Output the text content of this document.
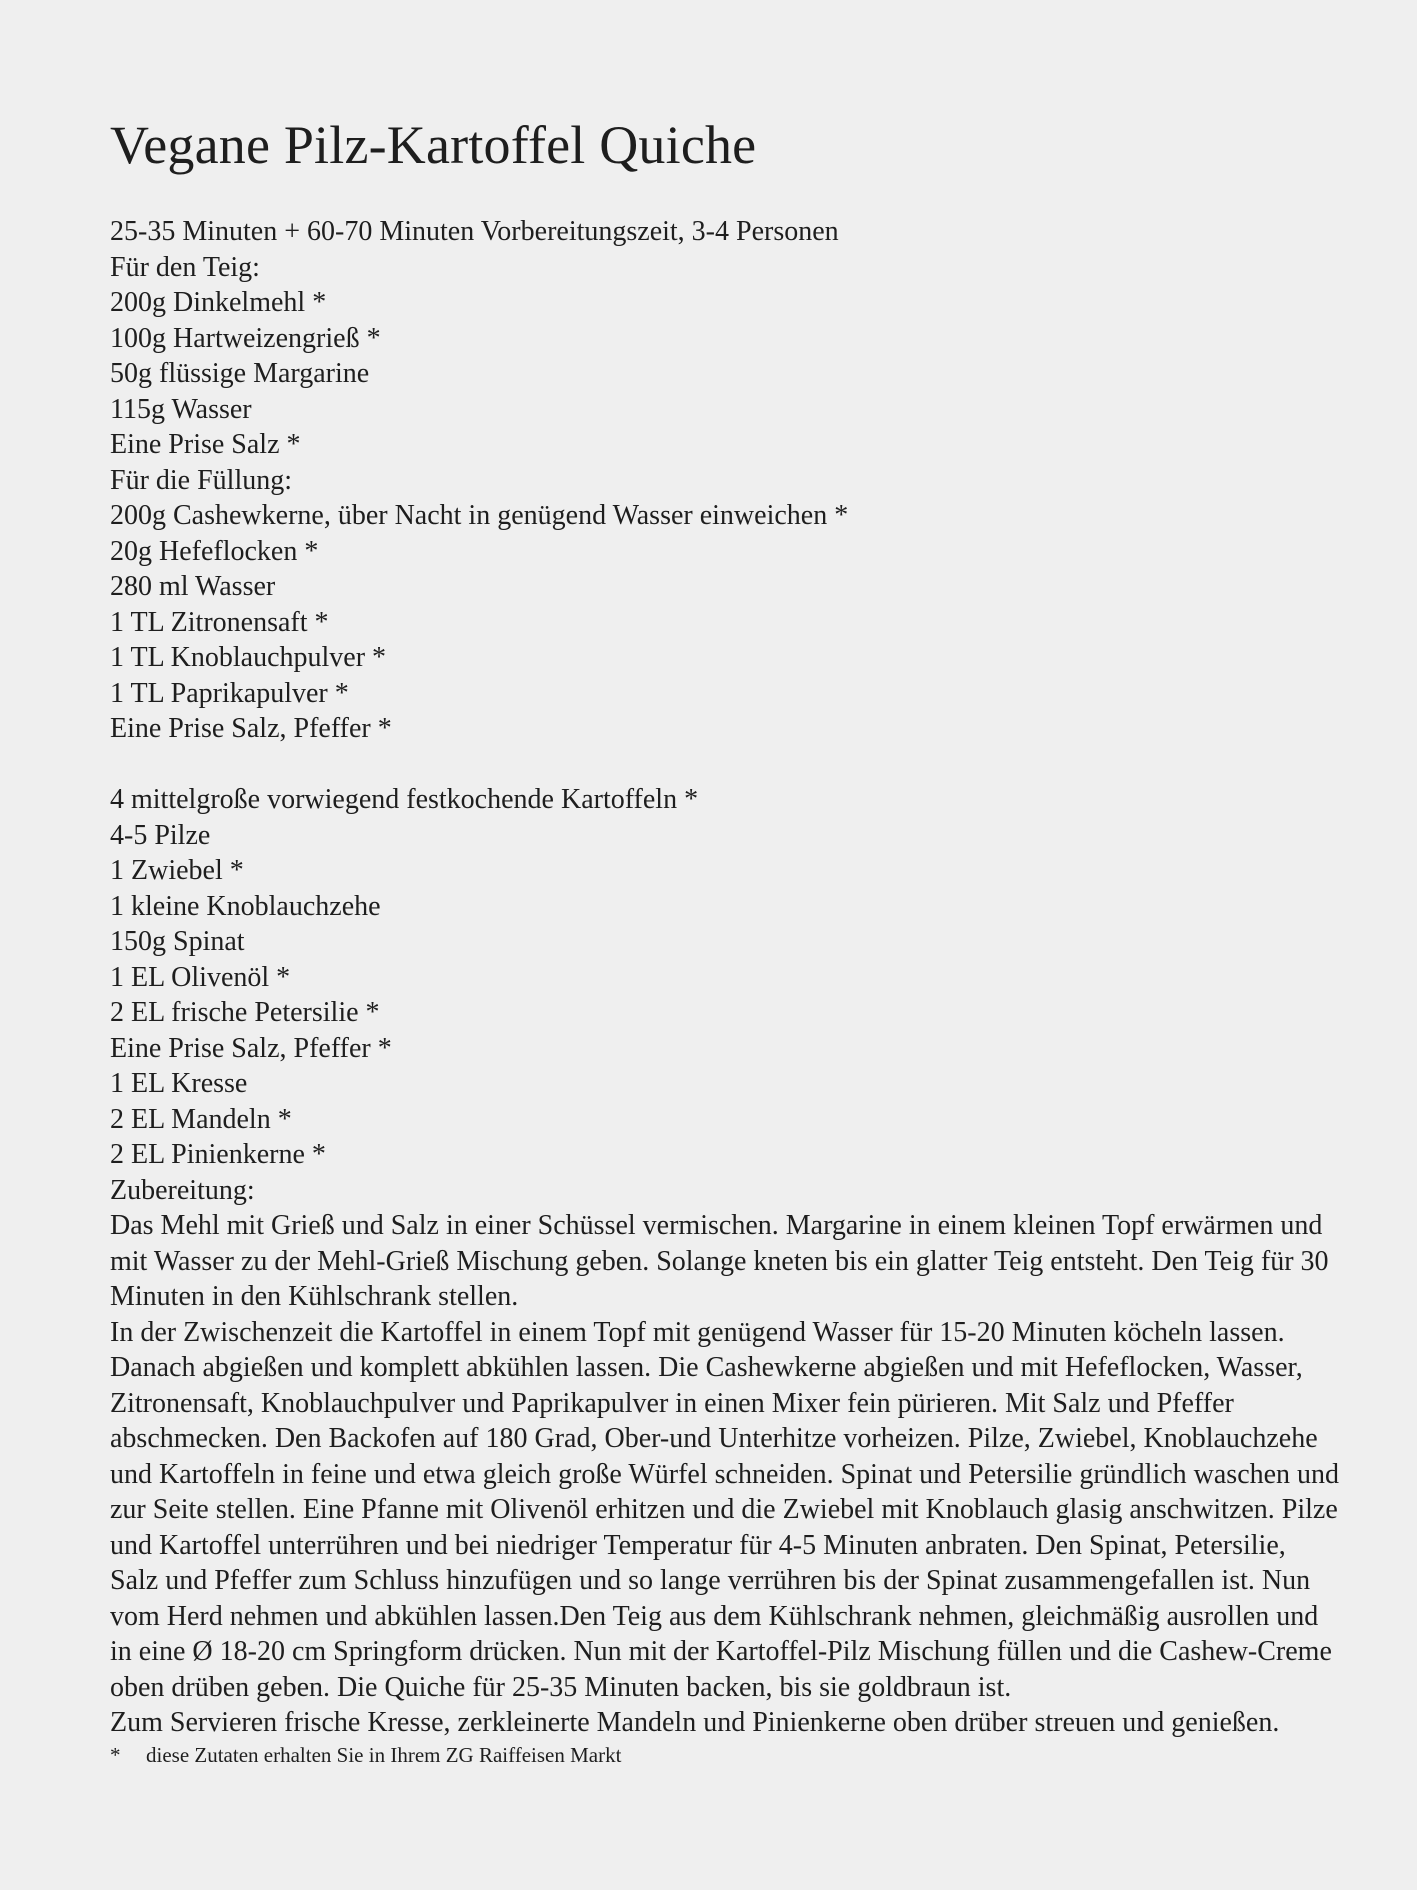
Vegane Pilz-Kartoffel Quiche
25-35 Minuten + 60-70 Minuten Vorbereitungszeit, 3-4 Personen
Für den Teig:
200g Dinkelmehl *
100g Hartweizengrieß *
50g flüssige Margarine
115g Wasser
Eine Prise Salz *
Für die Füllung:
200g Cashewkerne, über Nacht in genügend Wasser einweichen *
20g Hefeflocken *
280 ml Wasser
1 TL Zitronensaft *
1 TL Knoblauchpulver *
1 TL Paprikapulver *
Eine Prise Salz, Pfeffer *
4 mittelgroße vorwiegend festkochende Kartoffeln *
4-5 Pilze
1 Zwiebel *
1 kleine Knoblauchzehe
150g Spinat
1 EL Olivenöl *
2 EL frische Petersilie *
Eine Prise Salz, Pfeffer *
1 EL Kresse
2 EL Mandeln *
2 EL Pinienkerne *
Zubereitung:
Das Mehl mit Grieß und Salz in einer Schüssel vermischen. Margarine in einem kleinen Topf erwärmen und mit Wasser zu der Mehl-Grieß Mischung geben. Solange kneten bis ein glatter Teig entsteht. Den Teig für 30 Minuten in den Kühlschrank stellen.
In der Zwischenzeit die Kartoffel in einem Topf mit genügend Wasser für 15-20 Minuten köcheln lassen. Danach abgießen und komplett abkühlen lassen. Die Cashewkerne abgießen und mit Hefeflocken, Wasser, Zitronensaft, Knoblauchpulver und Paprikapulver in einen Mixer fein pürieren. Mit Salz und Pfeffer abschmecken. Den Backofen auf 180 Grad, Ober-und Unterhitze vorheizen. Pilze, Zwiebel, Knoblauchzehe und Kartoffeln in feine und etwa gleich große Würfel schneiden. Spinat und Petersilie gründlich waschen und zur Seite stellen. Eine Pfanne mit Olivenöl erhitzen und die Zwiebel mit Knoblauch glasig anschwitzen. Pilze und Kartoffel unterrühren und bei niedriger Temperatur für 4-5 Minuten anbraten. Den Spinat, Petersilie, Salz und Pfeffer zum Schluss hinzufügen und so lange verrühren bis der Spinat zusammengefallen ist. Nun vom Herd nehmen und abkühlen lassen.Den Teig aus dem Kühlschrank nehmen, gleichmäßig ausrollen und in eine Ø 18-20 cm Springform drücken. Nun mit der Kartoffel-Pilz Mischung füllen und die Cashew-Creme oben drüben geben. Die Quiche für 25-35 Minuten backen, bis sie goldbraun ist.
Zum Servieren frische Kresse, zerkleinerte Mandeln und Pinienkerne oben drüber streuen und genießen.
* diese Zutaten erhalten Sie in Ihrem ZG Raiffeisen Markt
